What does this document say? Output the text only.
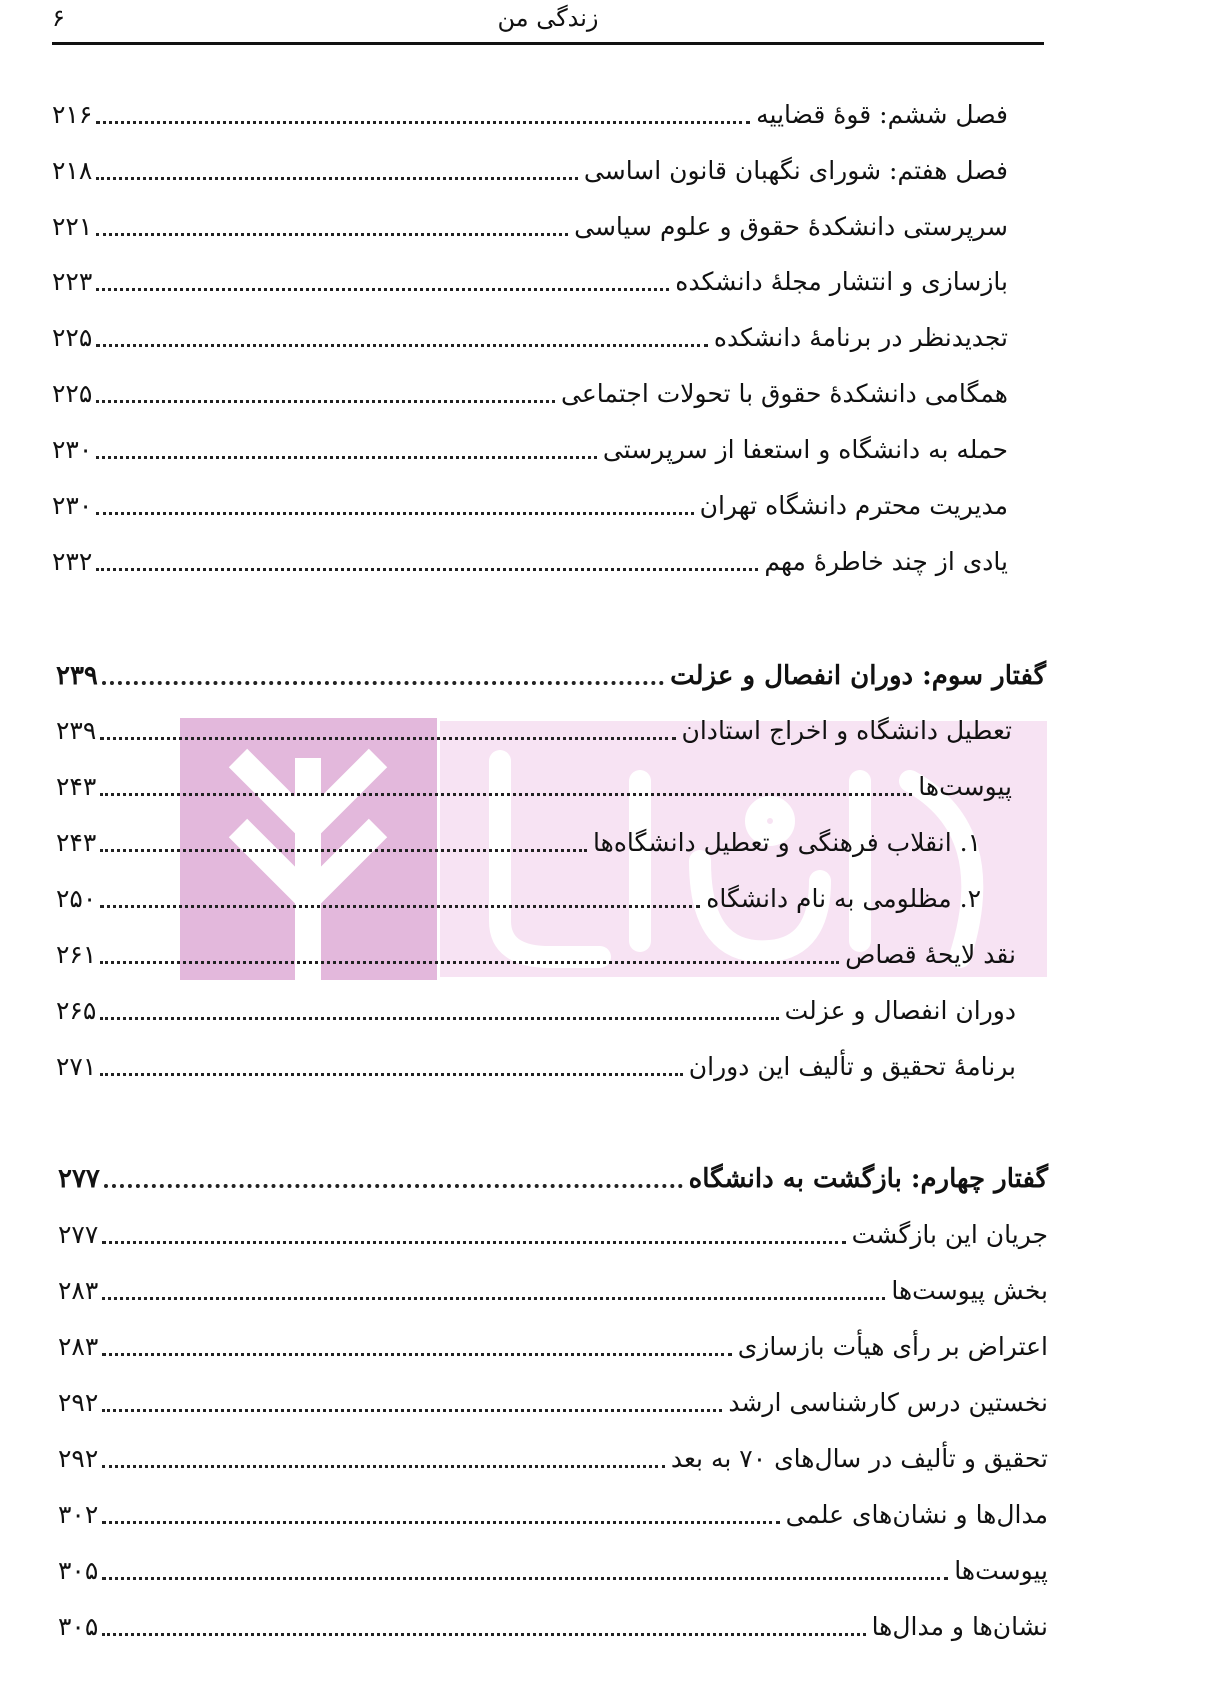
۶	زندگی من
فصل ششم: قوهٔ قضاییه
۲۱۶
فصل هفتم: شورای نگهبان قانون اساسی
۲۱۸
سرپرستی دانشکدهٔ حقوق و علوم سیاسی
۲۲۱
بازسازی و انتشار مجلهٔ دانشکده
۲۲۳
تجدیدنظر در برنامهٔ دانشکده
۲۲۵
همگامی دانشکدهٔ حقوق با تحولات اجتماعی
۲۲۵
حمله به دانشگاه و استعفا از سرپرستی
۲۳۰
مدیریت محترم دانشگاه تهران
۲۳۰
یادی از چند خاطرهٔ مهم
۲۳۲
گفتار سوم: دوران انفصال و عزلت
۲۳۹
تعطیل دانشگاه و اخراج استادان
۲۳۹
پیوست‌ها
۲۴۳
۱. انقلاب فرهنگی و تعطیل دانشگاه‌ها
۲۴۳
۲. مظلومی به نام دانشگاه
۲۵۰
نقد لایحهٔ قصاص
۲۶۱
دوران انفصال و عزلت
۲۶۵
برنامهٔ تحقیق و تألیف این دوران
۲۷۱
گفتار چهارم: بازگشت به دانشگاه
۲۷۷
جریان این بازگشت
۲۷۷
بخش پیوست‌ها
۲۸۳
اعتراض بر رأی هیأت بازسازی
۲۸۳
نخستین درس کارشناسی ارشد
۲۹۲
تحقیق و تألیف در سال‌های ۷۰ به بعد
۲۹۲
مدال‌ها و نشان‌های علمی
۳۰۲
پیوست‌ها
۳۰۵
نشان‌ها و مدال‌ها
۳۰۵
